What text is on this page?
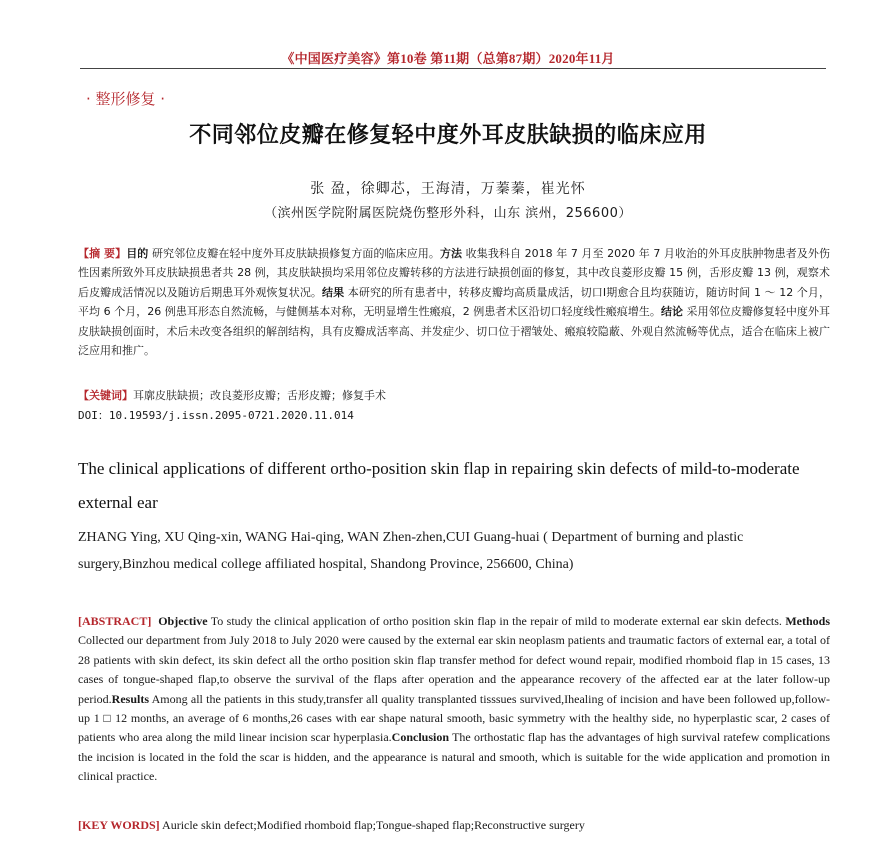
《中国医疗美容》第10卷 第11期（总第87期）2020年11月
· 整形修复 ·
不同邻位皮瓣在修复轻中度外耳皮肤缺损的临床应用
张 盈，徐卿芯，王海清，万蓁蓁，崔光怀
（滨州医学院附属医院烧伤整形外科，山东 滨州，256600）
【摘 要】目的 研究邻位皮瓣在轻中度外耳皮肤缺损修复方面的临床应用。方法 收集我科自 2018 年 7 月至 2020 年 7 月收治的外耳皮肤肿物患者及外伤性因素所致外耳皮肤缺损患者共 28 例，其皮肤缺损均采用邻位皮瓣转移的方法进行缺损创面的修复，其中改良菱形皮瓣 15 例，舌形皮瓣 13 例，观察术后皮瓣成活情况以及随访后期患耳外观恢复状况。结果 本研究的所有患者中，转移皮瓣均高质量成活，切口Ⅰ期愈合且均获随访，随访时间 1 ～ 12 个月，平均 6 个月，26 例患耳形态自然流畅，与健侧基本对称，无明显增生性瘢痕，2 例患者术区沿切口轻度线性瘢痕增生。结论 采用邻位皮瓣修复轻中度外耳皮肤缺损创面时，术后未改变各组织的解剖结构，具有皮瓣成活率高、并发症少、切口位于褶皱处、瘢痕较隐蔽、外观自然流畅等优点，适合在临床上被广泛应用和推广。
【关键词】耳廓皮肤缺损；改良菱形皮瓣；舌形皮瓣；修复手术
DOI：10.19593/j.issn.2095-0721.2020.11.014
The clinical applications of different ortho-position skin flap in repairing skin defects of mild-to-moderate external ear
ZHANG Ying, XU Qing-xin, WANG Hai-qing, WAN Zhen-zhen,CUI Guang-huai ( Department of burning and plastic surgery,Binzhou medical college affiliated hospital, Shandong Province, 256600, China)
[ABSTRACT] Objective To study the clinical application of ortho position skin flap in the repair of mild to moderate external ear skin defects. Methods Collected our department from July 2018 to July 2020 were caused by the external ear skin neoplasm patients and traumatic factors of external ear, a total of 28 patients with skin defect, its skin defect all the ortho position skin flap transfer method for defect wound repair, modified rhomboid flap in 15 cases, 13 cases of tongue-shaped flap,to observe the survival of the flaps after operation and the appearance recovery of the affected ear at the later follow-up period.Results Among all the patients in this study,transfer all quality transplanted tisssues survived,Ihealing of incision and have been followed up,follow-up 1 □ 12 months, an average of 6 months,26 cases with ear shape natural smooth, basic symmetry with the healthy side, no hyperplastic scar, 2 cases of patients who area along the mild linear incision scar hyperplasia.Conclusion The orthostatic flap has the advantages of high survival ratefew complications the incision is located in the fold the scar is hidden, and the appearance is natural and smooth, which is suitable for the wide application and promotion in clinical practice.
[KEY WORDS] Auricle skin defect;Modified rhomboid flap;Tongue-shaped flap;Reconstructive surgery
